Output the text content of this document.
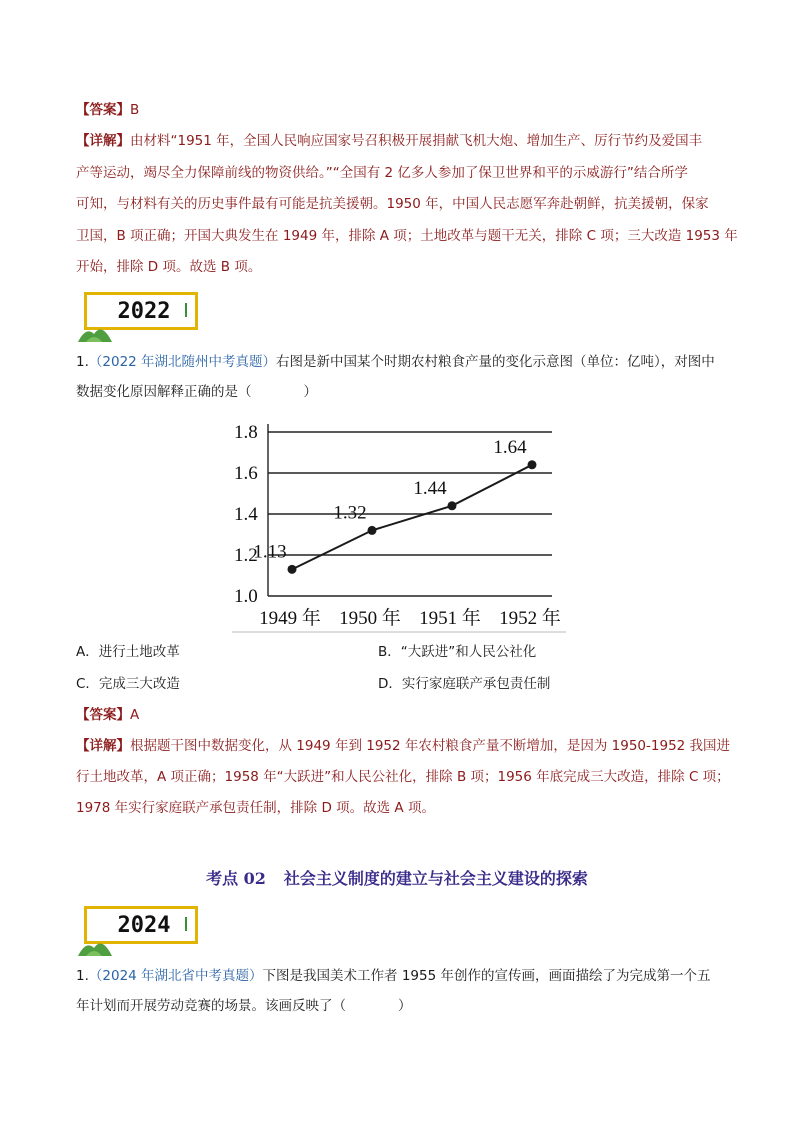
【答案】B
【详解】由材料“1951 年，全国人民响应国家号召积极开展捐献飞机大炮、增加生产、厉行节约及爱国丰
产等运动，竭尽全力保障前线的物资供给。”“全国有 2 亿多人参加了保卫世界和平的示威游行”结合所学
可知，与材料有关的历史事件最有可能是抗美援朝。1950 年，中国人民志愿军奔赴朝鲜，抗美援朝，保家
卫国，B 项正确；开国大典发生在 1949 年，排除 A 项；土地改革与题干无关，排除 C 项；三大改造 1953 年
开始，排除 D 项。故选 B 项。
2022
1.（2022 年湖北随州中考真题）右图是新中国某个时期农村粮食产量的变化示意图（单位：亿吨），对图中
数据变化原因解释正确的是（	）
1.0
1.2
1.4
1.6
1.8
1949 年 1950 年 1951 年 1952 年
1.13
1.32
1.44
1.64
A．进行土地改革	B．“大跃进”和人民公社化
C．完成三大改造	D．实行家庭联产承包责任制
【答案】A
【详解】根据题干图中数据变化，从 1949 年到 1952 年农村粮食产量不断增加，是因为 1950-1952 我国进
行土地改革，A 项正确；1958 年“大跃进”和人民公社化，排除 B 项；1956 年底完成三大改造，排除 C 项；
1978 年实行家庭联产承包责任制，排除 D 项。故选 A 项。
考点 02 社会主义制度的建立与社会主义建设的探索
2024
1.（2024 年湖北省中考真题）下图是我国美术工作者 1955 年创作的宣传画，画面描绘了为完成第一个五
年计划而开展劳动竞赛的场景。该画反映了（	）
